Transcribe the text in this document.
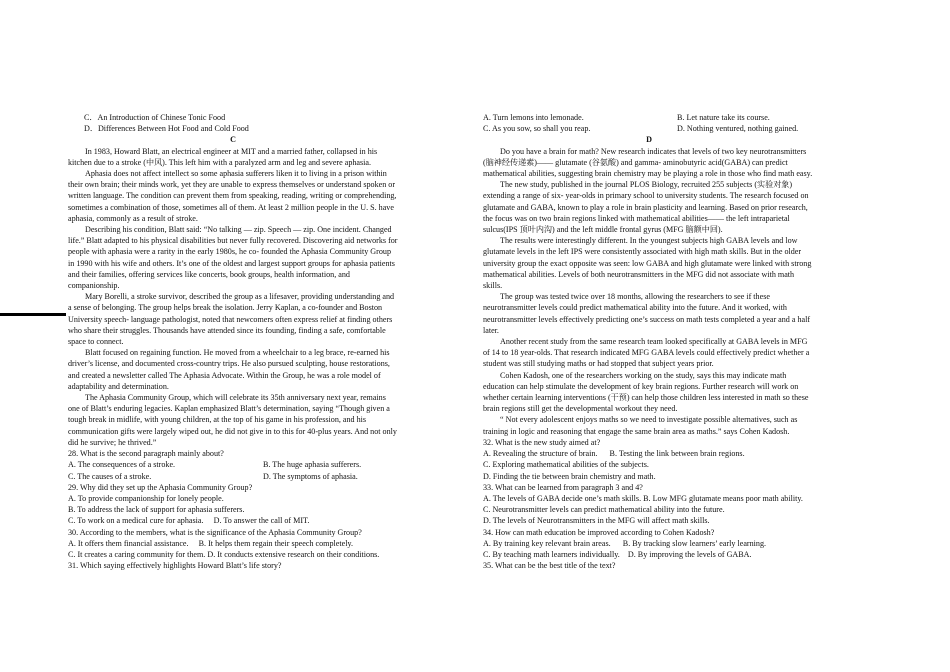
C．An Introduction of Chinese Tonic Food

D．Differences Between Hot Food and Cold Food

C

In 1983, Howard Blatt, an electrical engineer at MIT and a married father, collapsed in his kitchen due to a stroke (中风). This left him with a paralyzed arm and leg and severe aphasia.

Aphasia does not affect intellect so some aphasia sufferers liken it to living in a prison within their own brain; their minds work, yet they are unable to express themselves or understand spoken or written language. The condition can prevent them from speaking, reading, writing or comprehending, sometimes a combination of those, sometimes all of them. At least 2 million people in the U. S. have aphasia, commonly as a result of stroke.

Describing his condition, Blatt said: “No talking — zip. Speech — zip. One incident. Changed life.” Blatt adapted to his physical disabilities but never fully recovered. Discovering aid networks for people with aphasia were a rarity in the early 1980s, he co- founded the Aphasia Community Group in 1990 with his wife and others. It’s one of the oldest and largest support groups for aphasia patients and their families, offering services like concerts, book groups, health information, and companionship.

Mary Borelli, a stroke survivor, described the group as a lifesaver, providing understanding and a sense of belonging. The group helps break the isolation. Jerry Kaplan, a co-founder and Boston University speech- language pathologist, noted that newcomers often express relief at finding others who share their struggles. Thousands have attended since its founding, finding a safe, comfortable space to connect.

Blatt focused on regaining function. He moved from a wheelchair to a leg brace, re-earned his driver’s license, and documented cross-country trips. He also pursued sculpting, house restorations, and created a newsletter called The Aphasia Advocate. Within the Group, he was a role model of adaptability and determination.

The Aphasia Community Group, which will celebrate its 35th anniversary next year, remains one of Blatt’s enduring legacies. Kaplan emphasized Blatt’s determination, saying “Though given a tough break in midlife, with young children, at the top of his game in his profession, and his communication gifts were largely wiped out, he did not give in to this for 40-plus years. And not only did he survive; he thrived.”

28. What is the second paragraph mainly about?

A. The consequences of a stroke.	B. The huge aphasia sufferers.
C. The causes of a stroke.	D. The symptoms of aphasia.

29. Why did they set up the Aphasia Community Group?

A. To provide companionship for lonely people.

B. To address the lack of support for aphasia sufferers.

C. To work on a medical cure for aphasia.     D. To answer the call of MIT.

30. According to the members, what is the significance of the Aphasia Community Group?

A. It offers them financial assistance.     B. It helps them regain their speech completely.

C. It creates a caring community for them. D. It conducts extensive research on their conditions.

31. Which saying effectively highlights Howard Blatt’s life story?

A. Turn lemons into lemonade.	B. Let nature take its course.
C. As you sow, so shall you reap.	D. Nothing ventured, nothing gained.

D

Do you have a brain for math? New research indicates that levels of two key neurotransmitters (脑神经传递素)—— glutamate (谷氨酸) and gamma- aminobutyric acid(GABA) can predict mathematical abilities, suggesting brain chemistry may be playing a role in those who find math easy.

The new study, published in the journal PLOS Biology, recruited 255 subjects (实验对象) extending a range of six- year-olds in primary school to university students. The research focused on glutamate and GABA, known to play a role in brain plasticity and learning. Based on prior research, the focus was on two brain regions linked with mathematical abilities—— the left intraparietal sulcus(IPS 顶叶内沟) and the left middle frontal gyrus (MFG 脑额中回).

The results were interestingly different. In the youngest subjects high GABA levels and low glutamate levels in the left IPS were consistently associated with high math skills. But in the older university group the exact opposite was seen: low GABA and high glutamate were linked with strong mathematical abilities. Levels of both neurotransmitters in the MFG did not associate with math skills.

The group was tested twice over 18 months, allowing the researchers to see if these neurotransmitter levels could predict mathematical ability into the future. And it worked, with neurotransmitter levels effectively predicting one’s success on math tests completed a year and a half later.

Another recent study from the same research team looked specifically at GABA levels in MFG of 14 to 18 year-olds. That research indicated MFG GABA levels could effectively predict whether a student was still studying maths or had stopped that subject years prior.

Cohen Kadosh, one of the researchers working on the study, says this may indicate math education can help stimulate the development of key brain regions. Further research will work on whether certain learning interventions (干预) can help those children less interested in math so these brain regions still get the developmental workout they need.

“ Not every adolescent enjoys maths so we need to investigate possible alternatives, such as training in logic and reasoning that engage the same brain area as maths.” says Cohen Kadosh.

32. What is the new study aimed at?

A. Revealing the structure of brain.      B. Testing the link between brain regions.

C. Exploring mathematical abilities of the subjects.

D. Finding the tie between brain chemistry and math.

33. What can be learned from paragraph 3 and 4?

A. The levels of GABA decide one’s math skills. B. Low MFG glutamate means poor math ability.

C. Neurotransmitter levels can predict mathematical ability into the future.

D. The levels of Neurotransmitters in the MFG will affect math skills.

34. How can math education be improved according to Cohen Kadosh?

A. By training key relevant brain areas.      B. By tracking slow learners’ early learning.

C. By teaching math learners individually.    D. By improving the levels of GABA.

35. What can be the best title of the text?
